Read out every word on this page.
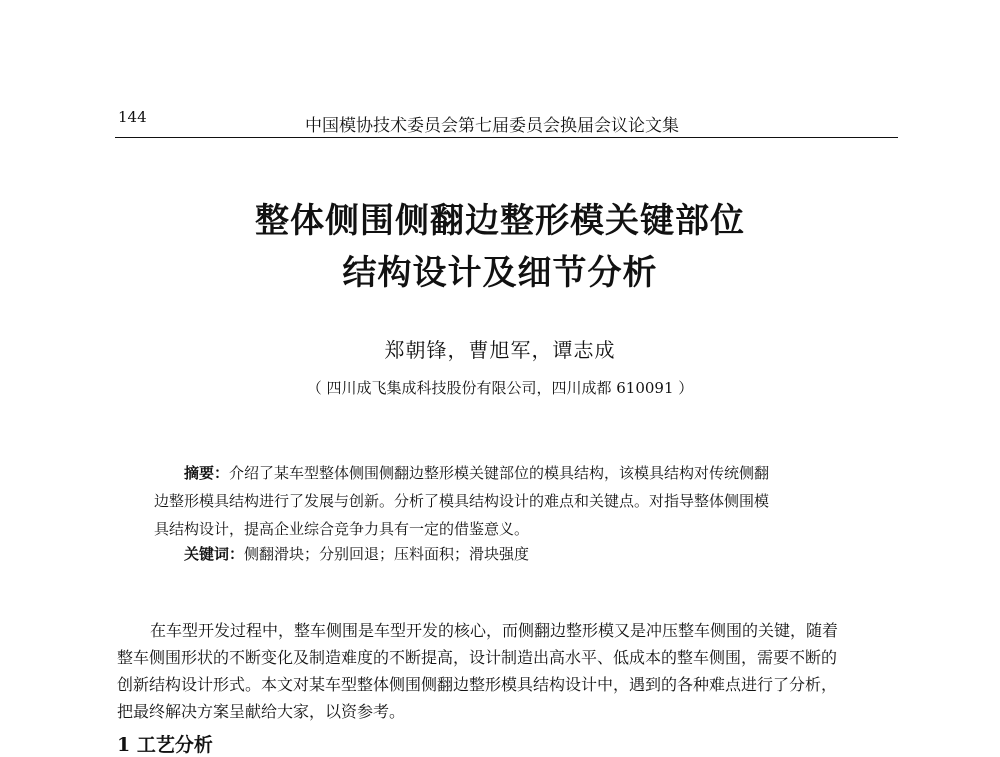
144	中国模协技术委员会第七届委员会换届会议论文集
整体侧围侧翻边整形模关键部位
结构设计及细节分析
郑朝锋，曹旭军，谭志成
（ 四川成飞集成科技股份有限公司，四川成都 610091 ）
摘要：介绍了某车型整体侧围侧翻边整形模关键部位的模具结构，该模具结构对传统侧翻
边整形模具结构进行了发展与创新。分析了模具结构设计的难点和关键点。对指导整体侧围模
具结构设计，提高企业综合竞争力具有一定的借鉴意义。
关键词：侧翻滑块；分别回退；压料面积；滑块强度
在车型开发过程中，整车侧围是车型开发的核心，而侧翻边整形模又是冲压整车侧围的关键，随着
整车侧围形状的不断变化及制造难度的不断提高，设计制造出高水平、低成本的整车侧围，需要不断的
创新结构设计形式。本文对某车型整体侧围侧翻边整形模具结构设计中，遇到的各种难点进行了分析，
把最终解决方案呈献给大家，以资参考。
1 工艺分析
